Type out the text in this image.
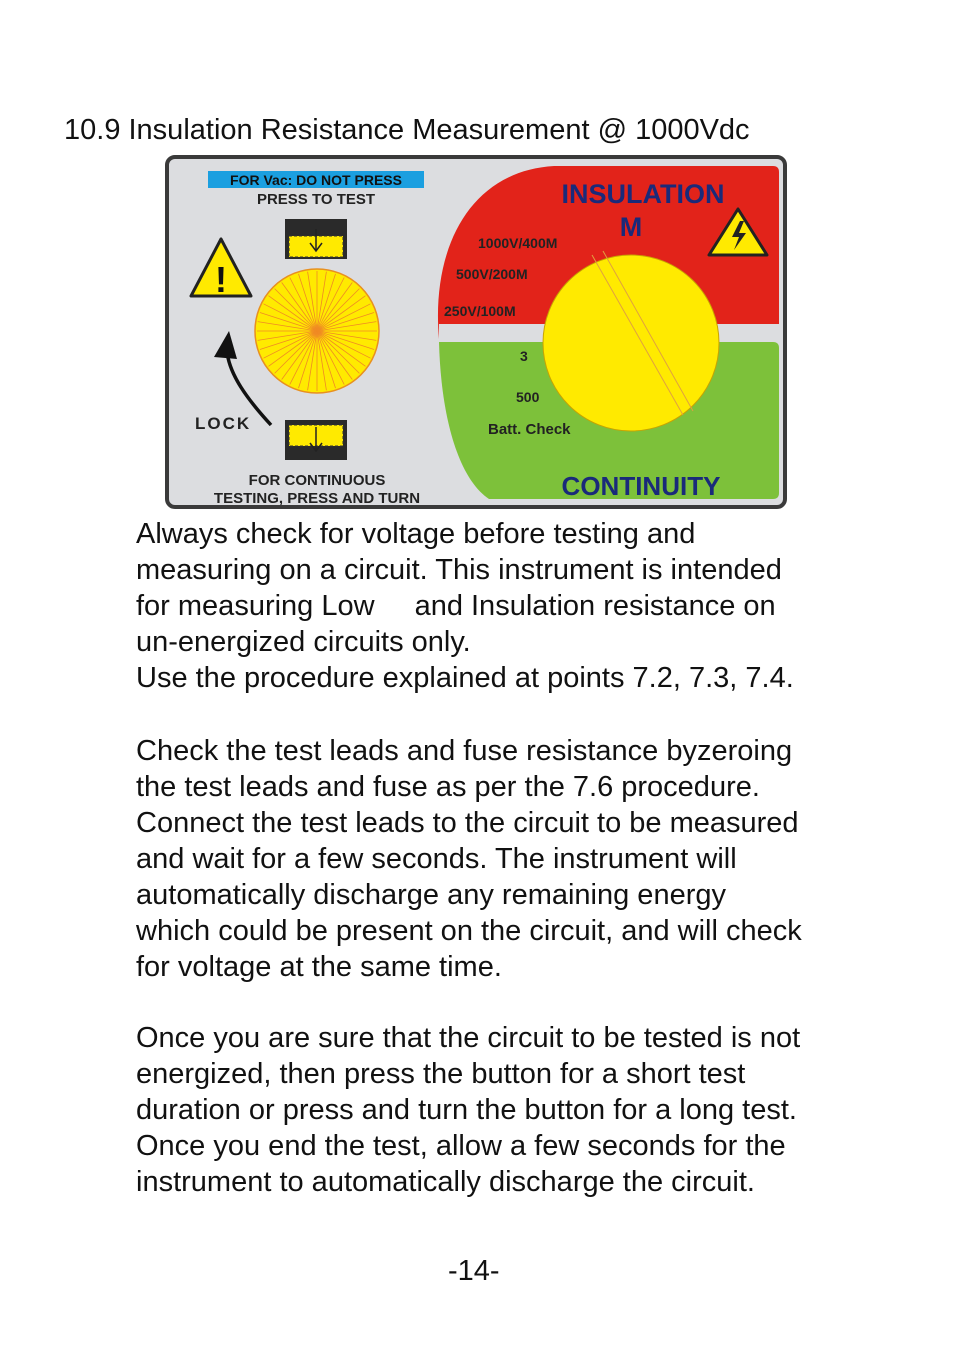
10.9 Insulation Resistance Measurement @ 1000Vdc
FOR Vac: DO NOT PRESS
PRESS TO TEST
!
LOCK
FOR CONTINUOUS
TESTING, PRESS AND TURN
INSULATION
M
1000V/400M
500V/200M
250V/100M
3
500
Batt. Check
CONTINUITY

Always check for voltage before testing and

measuring on a circuit. This instrument is intended

for measuring Low and Insulation resistance on

un-energized circuits only.

Use the procedure explained at points 7.2, 7.3, 7.4.

Check the test leads and fuse resistance byzeroing

the test leads and fuse as per the 7.6 procedure.

Connect the test leads to the circuit to be measured

and wait for a few seconds. The instrument will

automatically discharge any remaining energy

which could be present on the circuit, and will check

for voltage at the same time.

Once you are sure that the circuit to be tested is not

energized, then press the button for a short test

duration or press and turn the button for a long test.

Once you end the test, allow a few seconds for the

instrument to automatically discharge the circuit.

-14-
